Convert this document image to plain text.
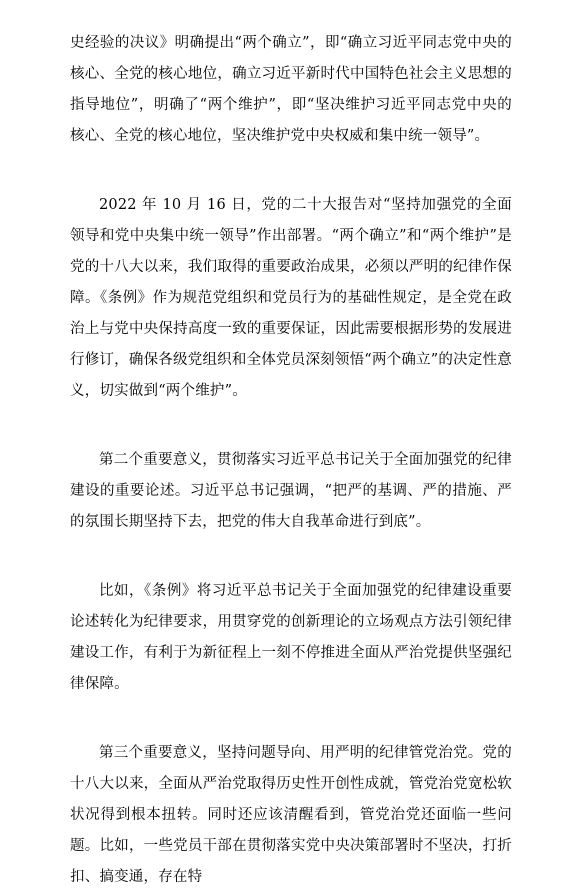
史经验的决议》明确提出“两个确立”，即“确立习近平同志党中央的核心、全党的核心地位，确立习近平新时代中国特色社会主义思想的指导地位”，明确了“两个维护”，即“坚决维护习近平同志党中央的核心、全党的核心地位，坚决维护党中央权威和集中统一领导”。

2022 年 10 月 16 日，党的二十大报告对“坚持加强党的全面领导和党中央集中统一领导”作出部署。“两个确立”和“两个维护”是党的十八大以来，我们取得的重要政治成果，必须以严明的纪律作保障。《条例》作为规范党组织和党员行为的基础性规定，是全党在政治上与党中央保持高度一致的重要保证，因此需要根据形势的发展进行修订，确保各级党组织和全体党员深刻领悟“两个确立”的决定性意义，切实做到“两个维护”。

第二个重要意义，贯彻落实习近平总书记关于全面加强党的纪律建设的重要论述。习近平总书记强调，“把严的基调、严的措施、严的氛围长期坚持下去，把党的伟大自我革命进行到底”。

比如，《条例》将习近平总书记关于全面加强党的纪律建设重要论述转化为纪律要求，用贯穿党的创新理论的立场观点方法引领纪律建设工作，有利于为新征程上一刻不停推进全面从严治党提供坚强纪律保障。

第三个重要意义，坚持问题导向、用严明的纪律管党治党。党的十八大以来，全面从严治党取得历史性开创性成就，管党治党宽松软状况得到根本扭转。同时还应该清醒看到，管党治党还面临一些问题。比如，一些党员干部在贯彻落实党中央决策部署时不坚决，打折扣、搞变通，存在特
